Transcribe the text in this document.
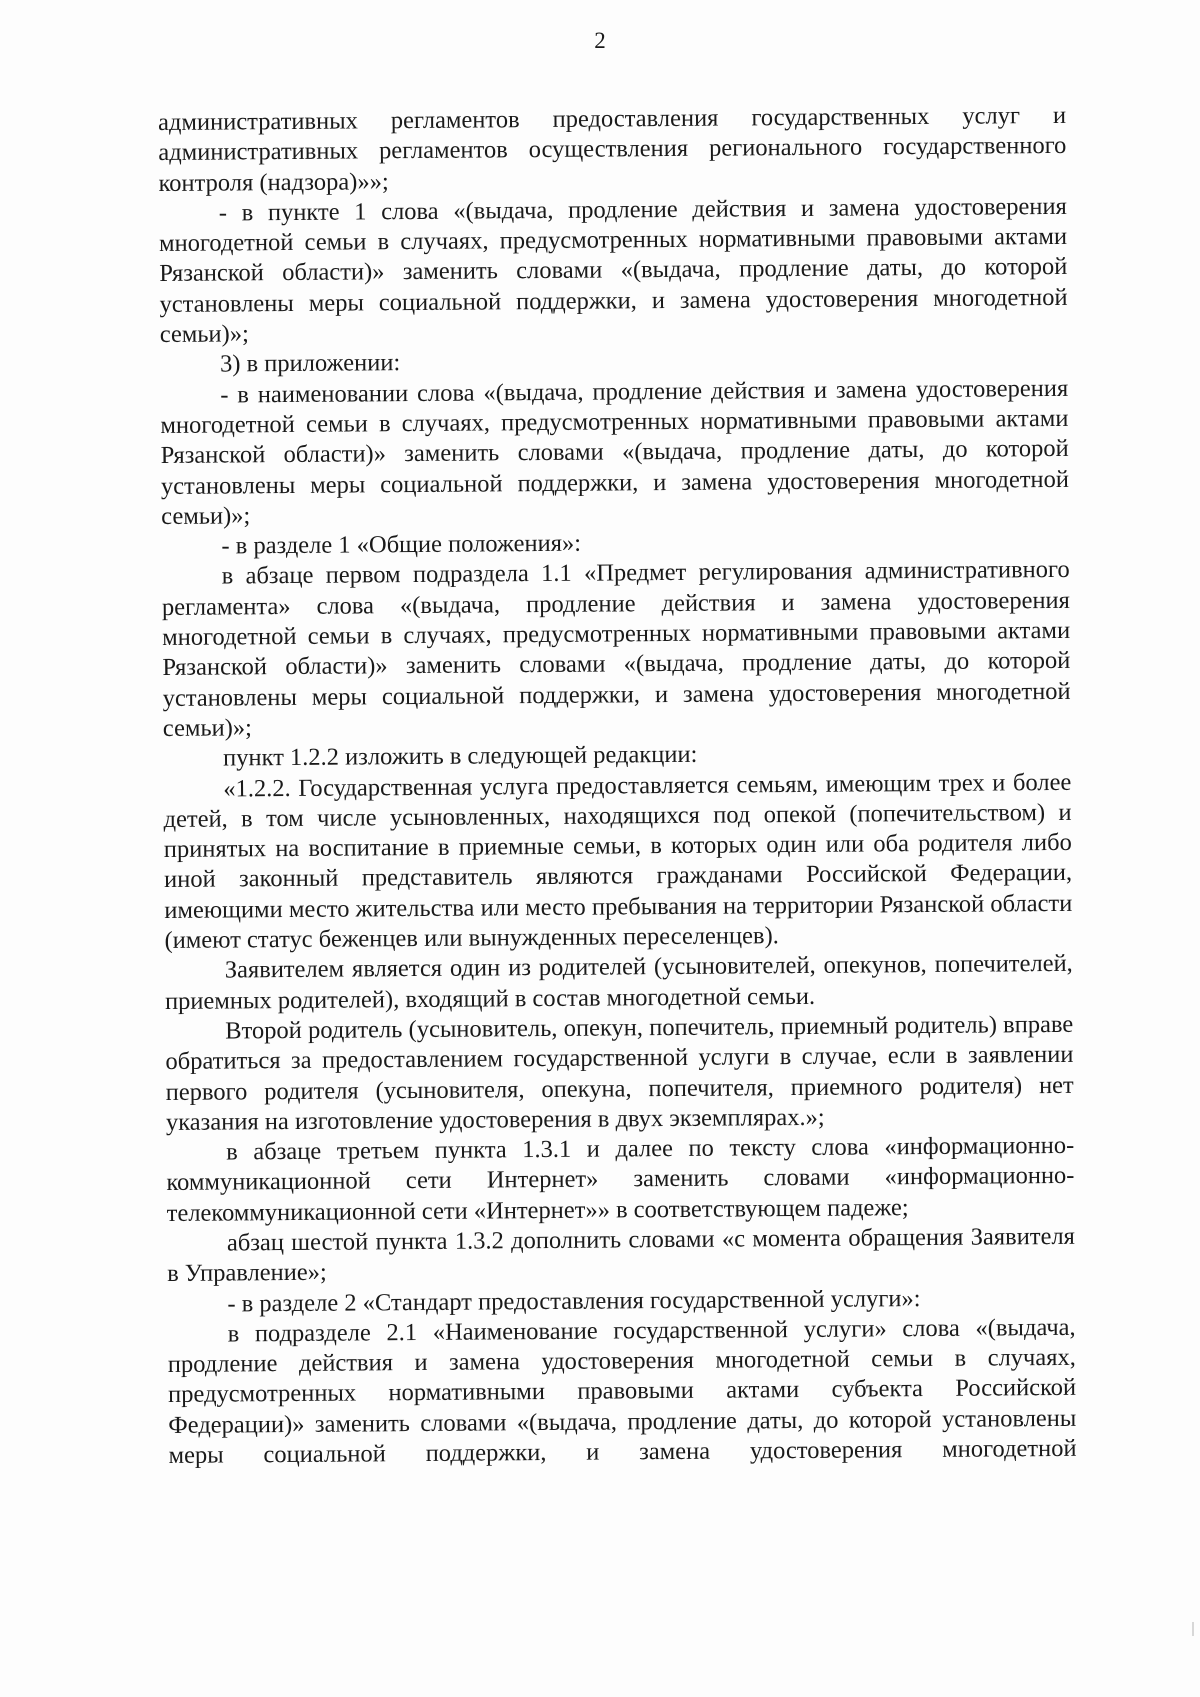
2

административных регламентов предоставления государственных услуг и административных регламентов осуществления регионального государственного контроля (надзора)»»;

- в пункте 1 слова «(выдача, продление действия и замена удостоверения многодетной семьи в случаях, предусмотренных нормативными правовыми актами Рязанской области)» заменить словами «(выдача, продление даты, до которой установлены меры социальной поддержки, и замена удостоверения многодетной семьи)»;

3) в приложении:

- в наименовании слова «(выдача, продление действия и замена удостоверения многодетной семьи в случаях, предусмотренных нормативными правовыми актами Рязанской области)» заменить словами «(выдача, продление даты, до которой установлены меры социальной поддержки, и замена удостоверения многодетной семьи)»;

- в разделе 1 «Общие положения»:

в абзаце первом подраздела 1.1 «Предмет регулирования административного регламента» слова «(выдача, продление действия и замена удостоверения многодетной семьи в случаях, предусмотренных нормативными правовыми актами Рязанской области)» заменить словами «(выдача, продление даты, до которой установлены меры социальной поддержки, и замена удостоверения многодетной семьи)»;

пункт 1.2.2 изложить в следующей редакции:

«1.2.2. Государственная услуга предоставляется семьям, имеющим трех и более детей, в том числе усыновленных, находящихся под опекой (попечительством) и принятых на воспитание в приемные семьи, в которых один или оба родителя либо иной законный представитель являются гражданами Российской Федерации, имеющими место жительства или место пребывания на территории Рязанской области (имеют статус беженцев или вынужденных переселенцев).

Заявителем является один из родителей (усыновителей, опекунов, попечителей, приемных родителей), входящий в состав многодетной семьи.

Второй родитель (усыновитель, опекун, попечитель, приемный родитель) вправе обратиться за предоставлением государственной услуги в случае, если в заявлении первого родителя (усыновителя, опекуна, попечителя, приемного родителя) нет указания на изготовление удостоверения в двух экземплярах.»;

в абзаце третьем пункта 1.3.1 и далее по тексту слова «информационно-коммуникационной сети Интернет» заменить словами «информационно-телекоммуникационной сети «Интернет»» в соответствующем падеже;

абзац шестой пункта 1.3.2 дополнить словами «с момента обращения Заявителя в Управление»;

- в разделе 2 «Стандарт предоставления государственной услуги»:

в подразделе 2.1 «Наименование государственной услуги» слова «(выдача, продление действия и замена удостоверения многодетной семьи в случаях, предусмотренных нормативными правовыми актами субъекта Российской Федерации)» заменить словами «(выдача, продление даты, до которой установлены меры социальной поддержки, и замена удостоверения многодетной
